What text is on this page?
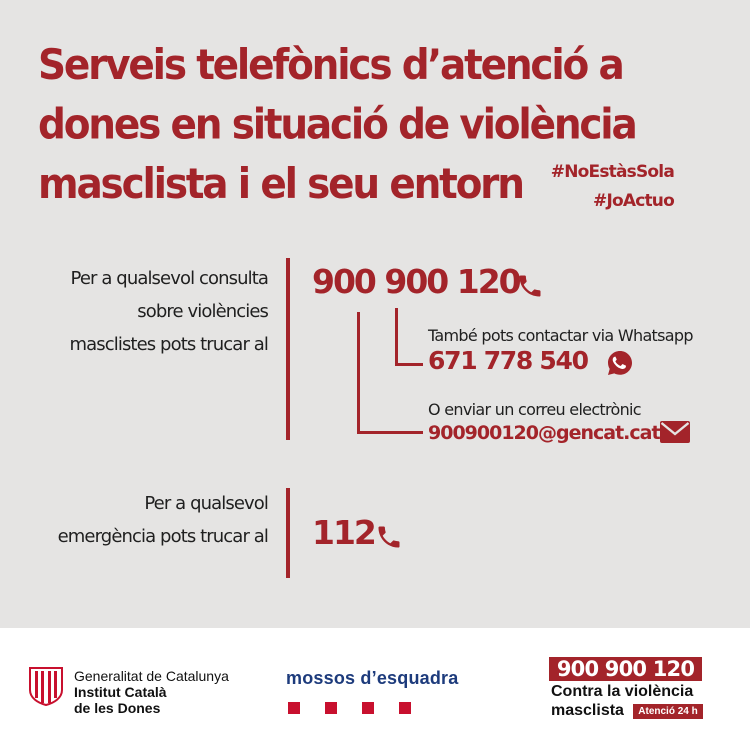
Serveis telefònics d’atenció a
dones en situació de violència
masclista i el seu entorn	#NoEstàsSola
#JoActuo
Per a qualsevol consulta
sobre violències
masclistes pots trucar al
900 900 120
També pots contactar via Whatsapp
671 778 540
O enviar un correu electrònic
900900120@gencat.cat
Per a qualsevol
emergència pots trucar al 112
Generalitat de Catalunya
Institut Català
de les Dones
mossos d’esquadra	900 900 120
Contra la violència
masclista	Atenció 24 h
